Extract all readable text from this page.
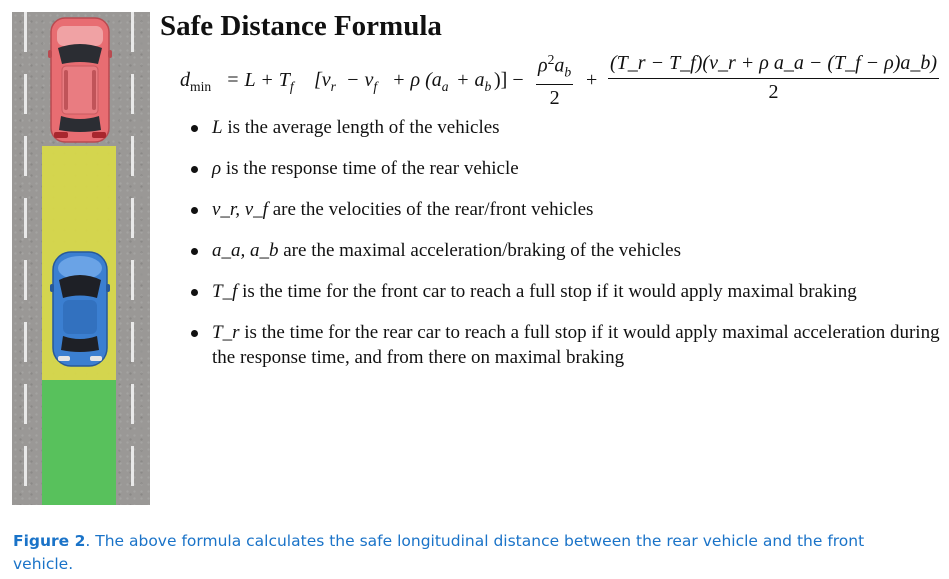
Safe Distance Formula
$d_{min} = L + T_f$ [$v_r - v_f + \rho$ ($a_a + a_b$ )] − $\frac{\rho^2a_b}{2} + \frac{\text{(T\_r − T\_f)(v\_r + ρ a\_a − (T\_f − ρ)a\_b)}}{2}$
L is the average length of the vehicles
ρ is the response time of the rear vehicle
v_r, v_f are the velocities of the rear/front vehicles
a_a, a_b are the maximal acceleration/braking of the vehicles
T_f is the time for the front car to reach a full stop if it would apply maximal braking
T_r is the time for the rear car to reach a full stop if it would apply maximal acceleration during the response time, and from there on maximal braking
Figure 2. The above formula calculates the safe longitudinal distance between the rear vehicle and the front vehicle.
